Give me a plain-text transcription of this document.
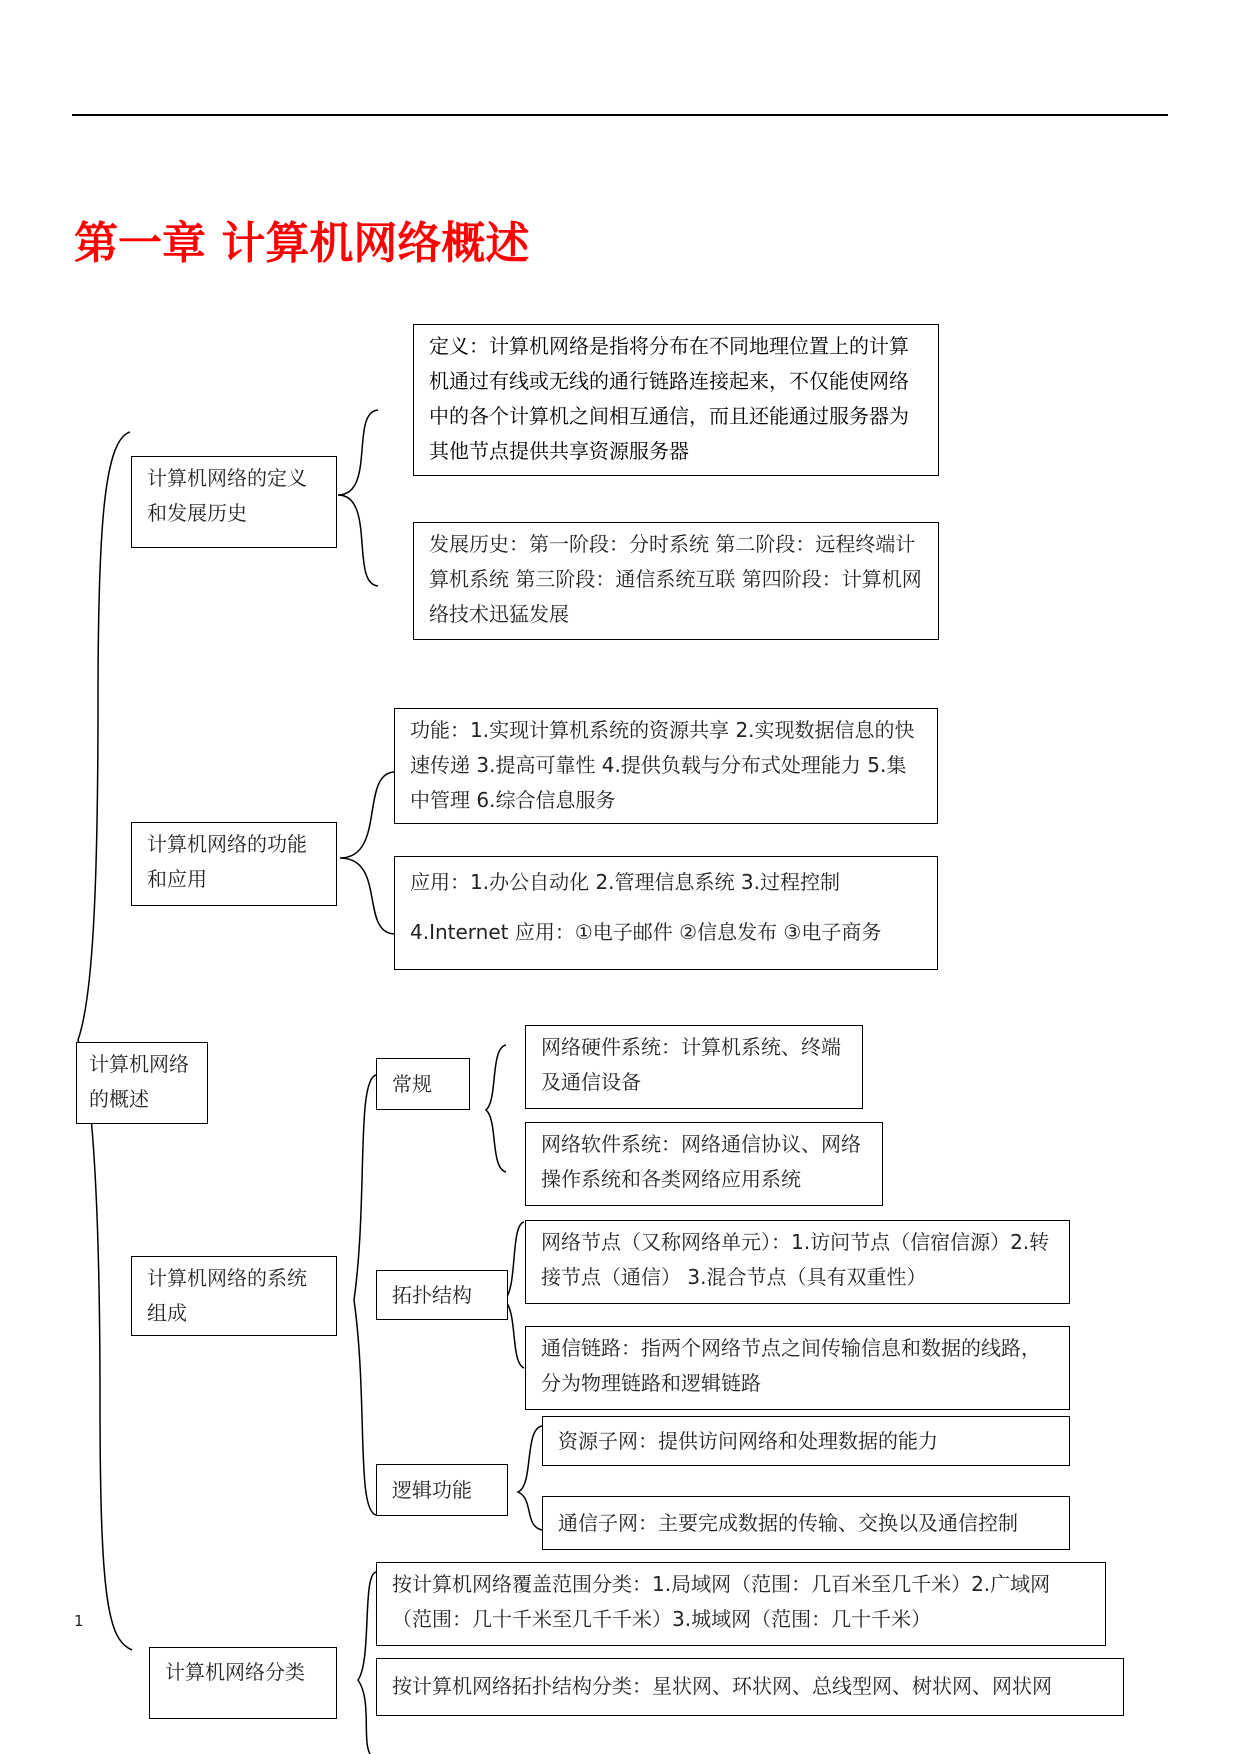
第一章 计算机网络概述
计算机网络的概述
计算机网络的定义和发展历史
定义：计算机网络是指将分布在不同地理位置上的计算机通过有线或无线的通行链路连接起来，不仅能使网络中的各个计算机之间相互通信，而且还能通过服务器为其他节点提供共享资源服务器
发展历史：第一阶段：分时系统 第二阶段：远程终端计算机系统 第三阶段：通信系统互联 第四阶段：计算机网络技术迅猛发展
计算机网络的功能和应用
功能：1.实现计算机系统的资源共享 2.实现数据信息的快速传递 3.提高可靠性 4.提供负载与分布式处理能力 5.集中管理 6.综合信息服务
应用：1.办公自动化 2.管理信息系统 3.过程控制
4.Internet 应用：①电子邮件 ②信息发布 ③电子商务
计算机网络的系统组成
常规
网络硬件系统：计算机系统、终端及通信设备
网络软件系统：网络通信协议、网络操作系统和各类网络应用系统
拓扑结构
网络节点（又称网络单元）：1.访问节点（信宿信源）2.转接节点（通信） 3.混合节点（具有双重性）
通信链路：指两个网络节点之间传输信息和数据的线路，分为物理链路和逻辑链路
逻辑功能
资源子网：提供访问网络和处理数据的能力
通信子网：主要完成数据的传输、交换以及通信控制
计算机网络分类
按计算机网络覆盖范围分类：1.局域网（范围：几百米至几千米）2.广域网（范围：几十千米至几千千米）3.城域网（范围：几十千米）
按计算机网络拓扑结构分类：星状网、环状网、总线型网、树状网、网状网
1
